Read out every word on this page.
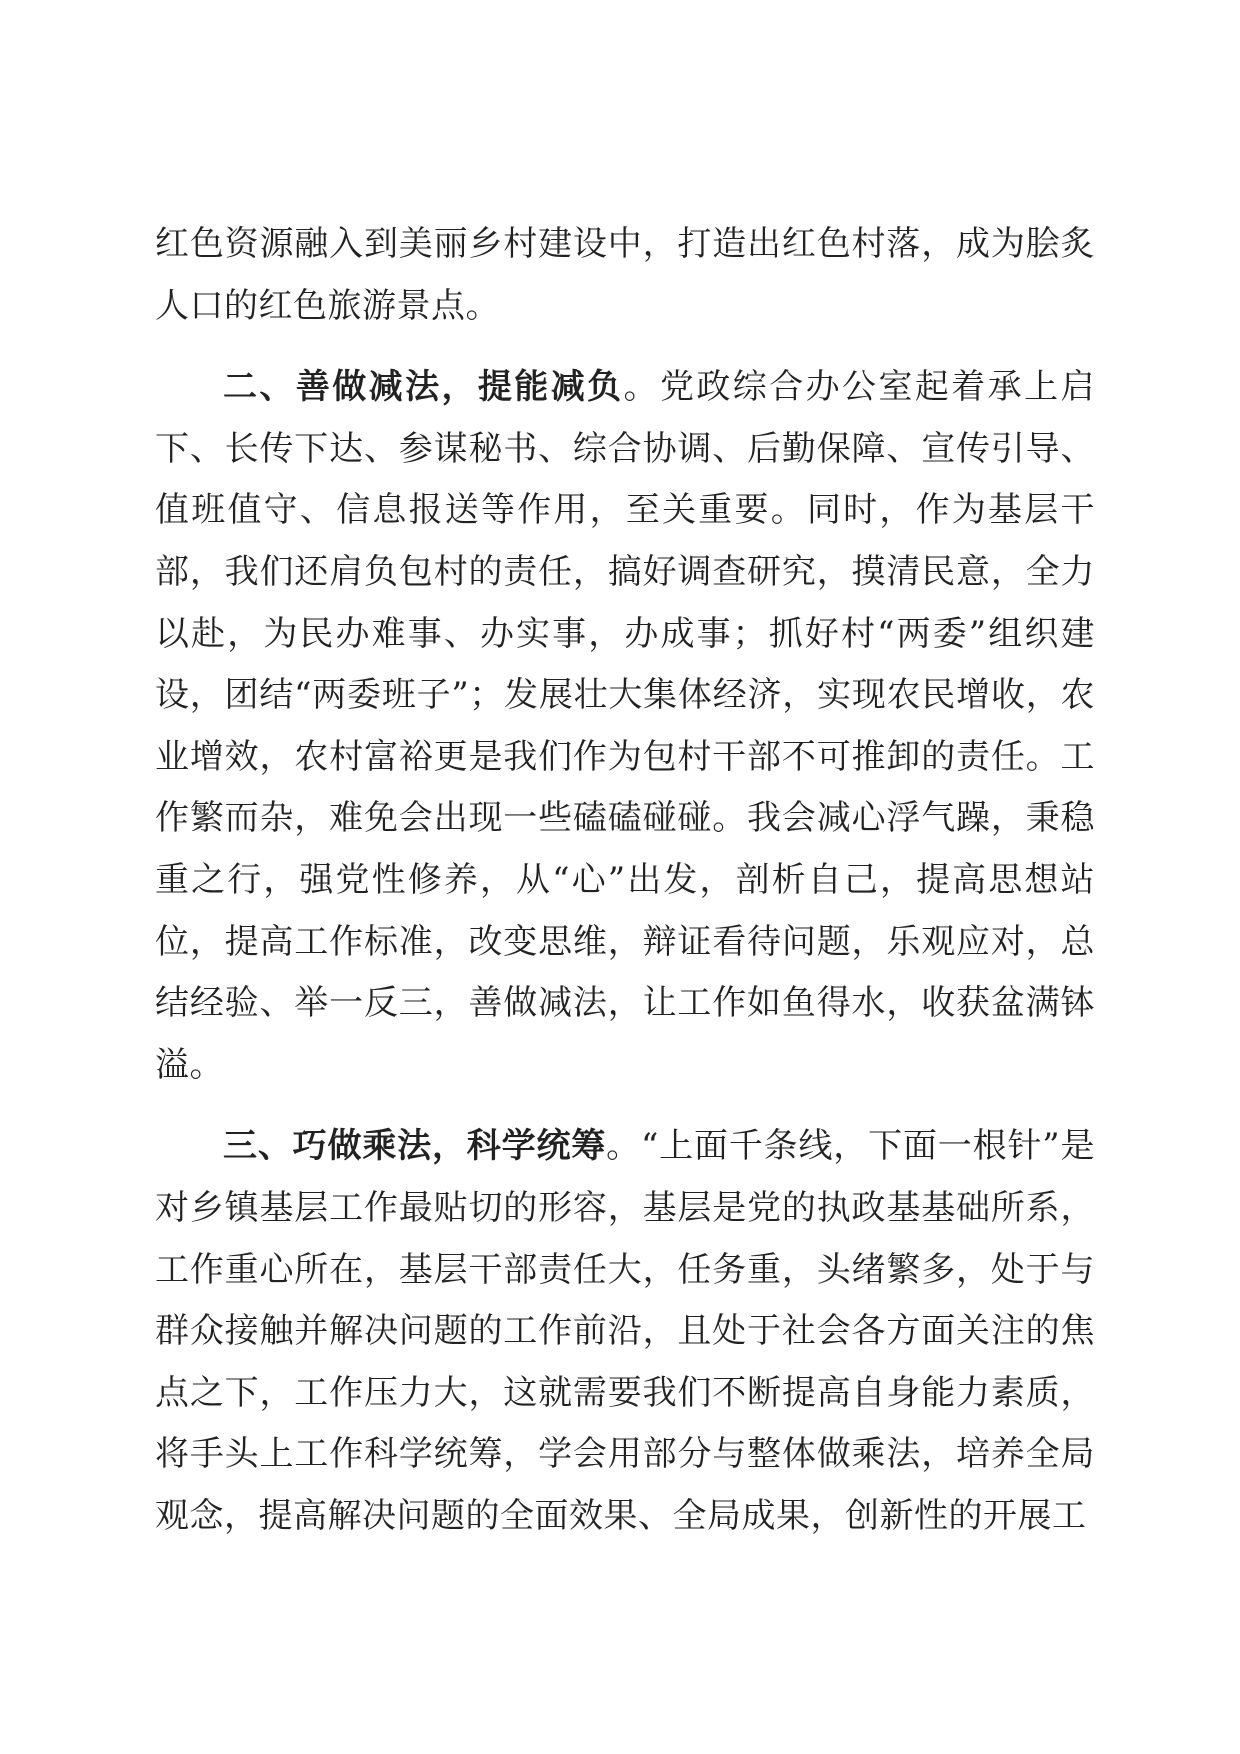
红色资源融入到美丽乡村建设中，打造出红色村落，成为脍炙人口的红色旅游景点。

二、善做减法，提能减负。党政综合办公室起着承上启下、长传下达、参谋秘书、综合协调、后勤保障、宣传引导、值班值守、信息报送等作用，至关重要。同时，作为基层干部，我们还肩负包村的责任，搞好调查研究，摸清民意，全力以赴，为民办难事、办实事，办成事；抓好村“两委”组织建设，团结“两委班子”；发展壮大集体经济，实现农民增收，农业增效，农村富裕更是我们作为包村干部不可推卸的责任。工作繁而杂，难免会出现一些磕磕碰碰。我会减心浮气躁，秉稳重之行，强党性修养，从“心”出发，剖析自己，提高思想站位，提高工作标准，改变思维，辩证看待问题，乐观应对，总结经验、举一反三，善做减法，让工作如鱼得水，收获盆满钵溢。

三、巧做乘法，科学统筹。“上面千条线，下面一根针”是对乡镇基层工作最贴切的形容，基层是党的执政基基础所系，工作重心所在，基层干部责任大，任务重，头绪繁多，处于与群众接触并解决问题的工作前沿，且处于社会各方面关注的焦点之下，工作压力大，这就需要我们不断提高自身能力素质，将手头上工作科学统筹，学会用部分与整体做乘法，培养全局观念，提高解决问题的全面效果、全局成果，创新性的开展工
